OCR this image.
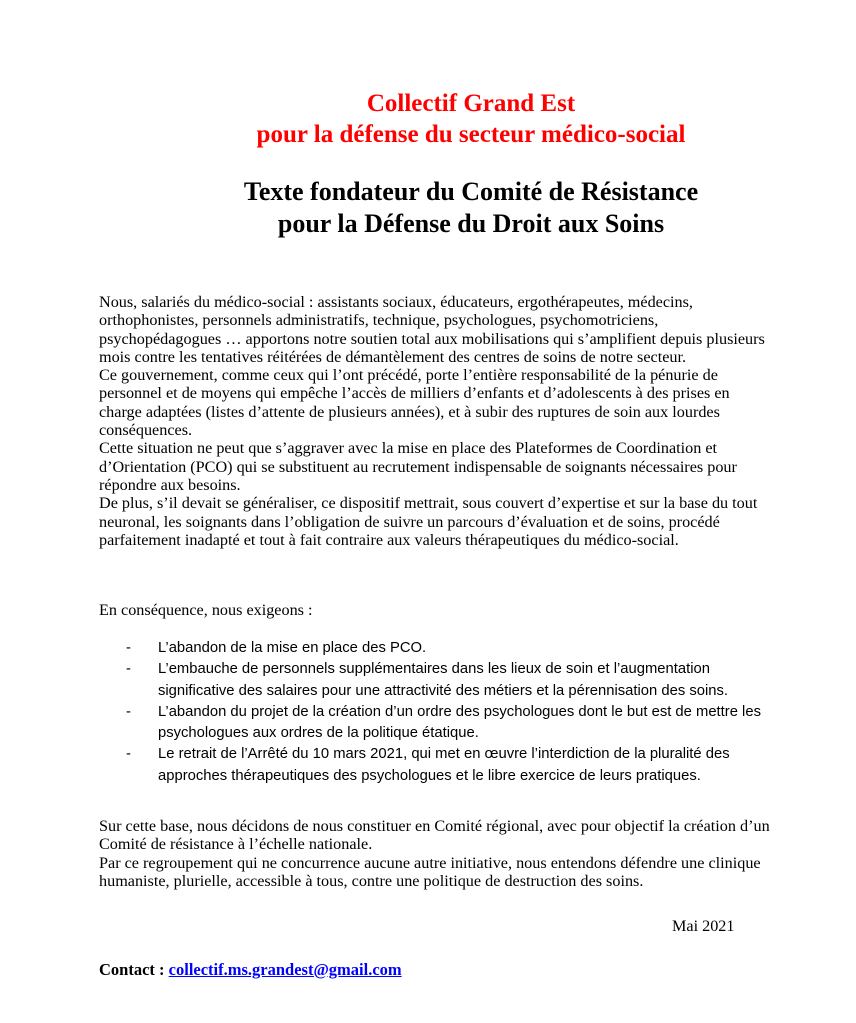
Collectif Grand Est
pour la défense du secteur médico-social
Texte fondateur du Comité de Résistance
pour la Défense du Droit aux Soins
Nous, salariés du médico-social : assistants sociaux, éducateurs, ergothérapeutes, médecins,
orthophonistes, personnels administratifs, technique, psychologues, psychomotriciens,
psychopédagogues … apportons notre soutien total aux mobilisations qui s’amplifient depuis plusieurs
mois contre les tentatives réitérées de démantèlement des centres de soins de notre secteur.
Ce gouvernement, comme ceux qui l’ont précédé, porte l’entière responsabilité de la pénurie de
personnel et de moyens qui empêche l’accès de milliers d’enfants et d’adolescents à des prises en
charge adaptées (listes d’attente de plusieurs années), et à subir des ruptures de soin aux lourdes
conséquences.
Cette situation ne peut que s’aggraver avec la mise en place des Plateformes de Coordination et
d’Orientation (PCO) qui se substituent au recrutement indispensable de soignants nécessaires pour
répondre aux besoins.
De plus, s’il devait se généraliser, ce dispositif mettrait, sous couvert d’expertise et sur la base du tout
neuronal, les soignants dans l’obligation de suivre un parcours d’évaluation et de soins, procédé
parfaitement inadapté et tout à fait contraire aux valeurs thérapeutiques du médico-social.
En conséquence, nous exigeons :
- L’abandon de la mise en place des PCO.
- L’embauche de personnels supplémentaires dans les lieux de soin et l’augmentation
significative des salaires pour une attractivité des métiers et la pérennisation des soins.
- L’abandon du projet de la création d’un ordre des psychologues dont le but est de mettre les
psychologues aux ordres de la politique étatique.
- Le retrait de l’Arrêté du 10 mars 2021, qui met en œuvre l’interdiction de la pluralité des
approches thérapeutiques des psychologues et le libre exercice de leurs pratiques.
Sur cette base, nous décidons de nous constituer en Comité régional, avec pour objectif la création d’un
Comité de résistance à l’échelle nationale.
Par ce regroupement qui ne concurrence aucune autre initiative, nous entendons défendre une clinique
humaniste, plurielle, accessible à tous, contre une politique de destruction des soins.
Mai 2021
Contact : collectif.ms.grandest@gmail.com
